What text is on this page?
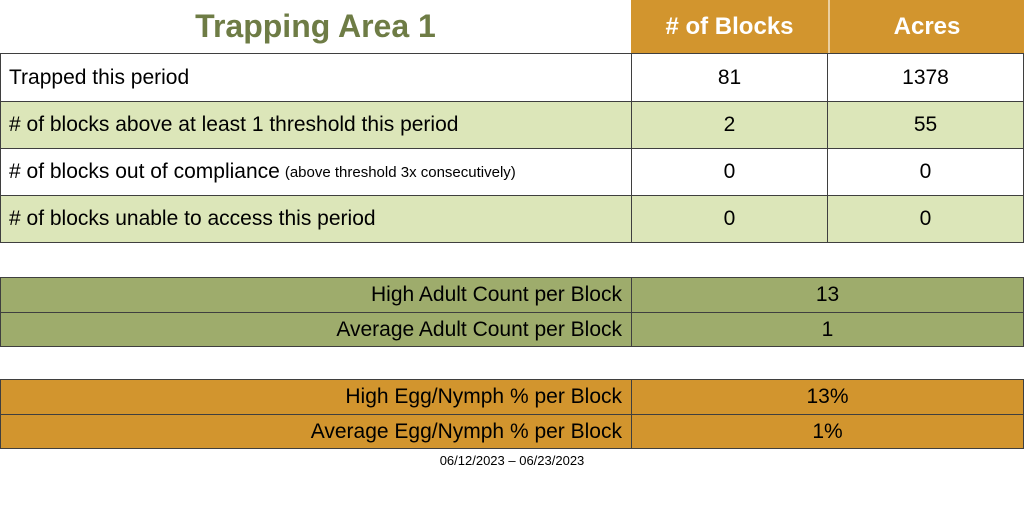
Trapping Area 1	# of Blocks	Acres
Trapped this period	81	1378
# of blocks above at least 1 threshold this period	2	55
# of blocks out of compliance (above threshold 3x consecutively)	0	0
# of blocks unable to access this period	0	0
High Adult Count per Block	13
Average Adult Count per Block	1
High Egg/Nymph % per Block	13%
Average Egg/Nymph % per Block	1%
06/12/2023 – 06/23/2023
